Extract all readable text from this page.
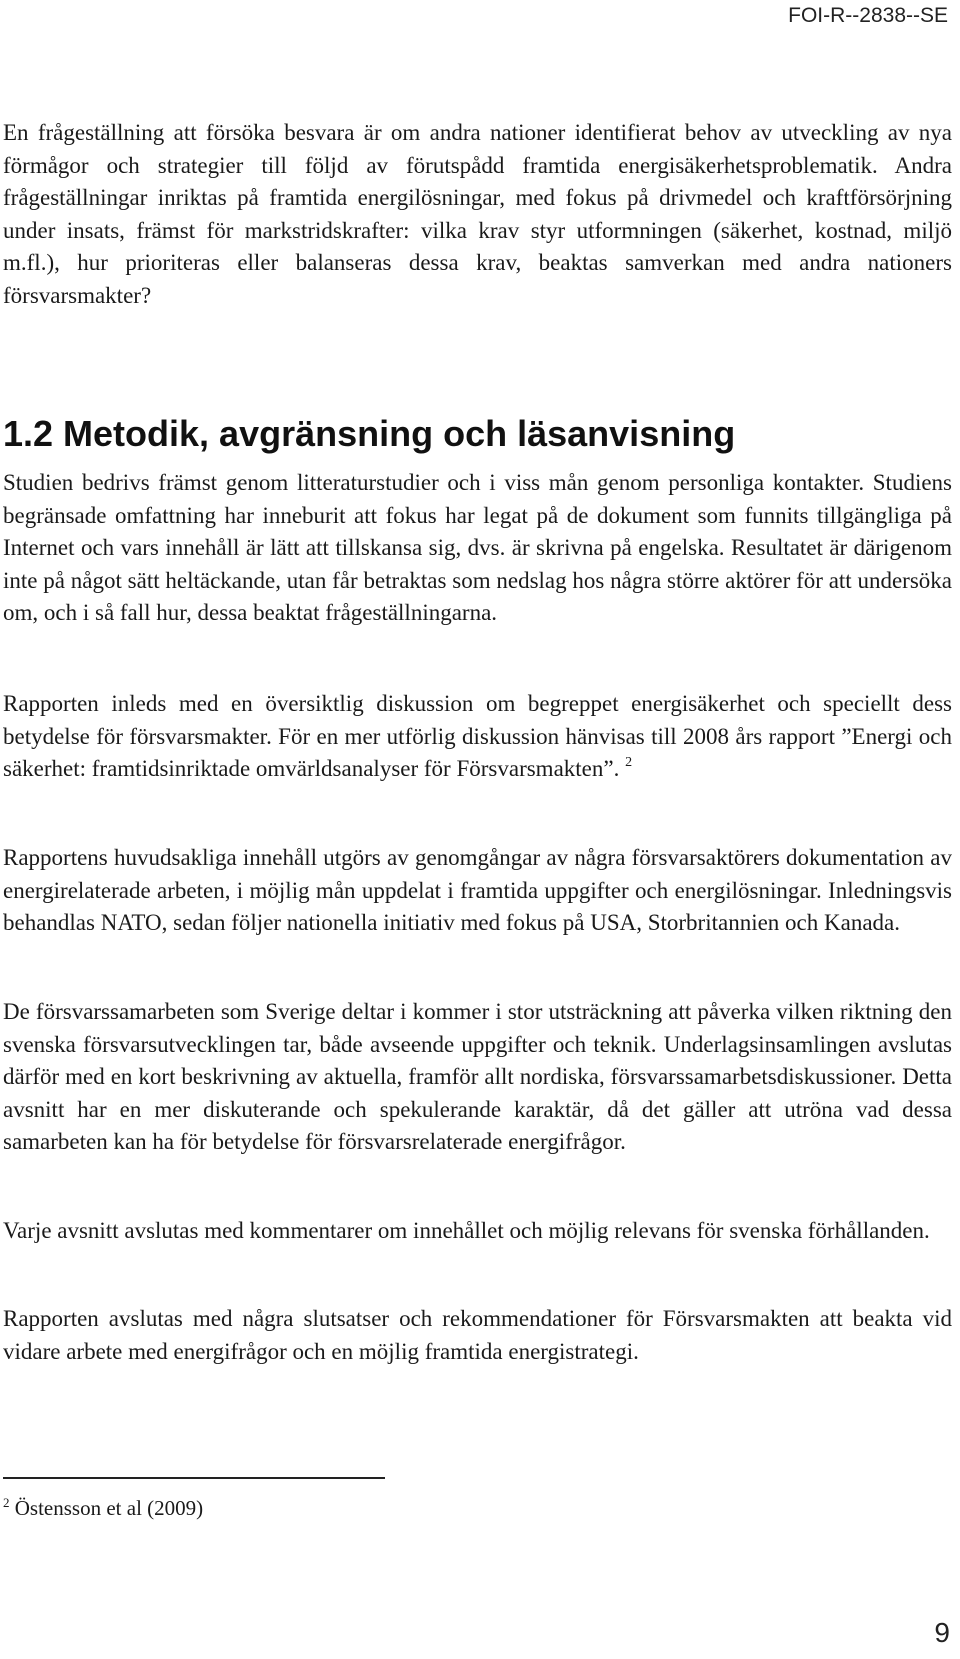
FOI-R--2838--SE

En frågeställning att försöka besvara är om andra nationer identifierat behov av utveckling av nya förmågor och strategier till följd av förutspådd framtida energisäkerhetsproblematik. Andra frågeställningar inriktas på framtida energilösningar, med fokus på drivmedel och kraftförsörjning under insats, främst för markstridskrafter: vilka krav styr utformningen (säkerhet, kostnad, miljö m.fl.), hur prioriteras eller balanseras dessa krav, beaktas samverkan med andra nationers försvarsmakter?

1.2 Metodik, avgränsning och läsanvisning

Studien bedrivs främst genom litteraturstudier och i viss mån genom personliga kontakter. Studiens begränsade omfattning har inneburit att fokus har legat på de dokument som funnits tillgängliga på Internet och vars innehåll är lätt att tillskansa sig, dvs. är skrivna på engelska. Resultatet är därigenom inte på något sätt heltäckande, utan får betraktas som nedslag hos några större aktörer för att undersöka om, och i så fall hur, dessa beaktat frågeställningarna.

Rapporten inleds med en översiktlig diskussion om begreppet energisäkerhet och speciellt dess betydelse för försvarsmakter. För en mer utförlig diskussion hänvisas till 2008 års rapport ”Energi och säkerhet: framtidsinriktade omvärldsanalyser för Försvarsmakten”. $^2$

Rapportens huvudsakliga innehåll utgörs av genomgångar av några försvarsaktörers dokumentation av energirelaterade arbeten, i möjlig mån uppdelat i framtida uppgifter och energilösningar. Inledningsvis behandlas NATO, sedan följer nationella initiativ med fokus på USA, Storbritannien och Kanada.

De försvarssamarbeten som Sverige deltar i kommer i stor utsträckning att påverka vilken riktning den svenska försvarsutvecklingen tar, både avseende uppgifter och teknik. Underlagsinsamlingen avslutas därför med en kort beskrivning av aktuella, framför allt nordiska, försvarssamarbetsdiskussioner. Detta avsnitt har en mer diskuterande och spekulerande karaktär, då det gäller att utröna vad dessa samarbeten kan ha för betydelse för försvarsrelaterade energifrågor.

Varje avsnitt avslutas med kommentarer om innehållet och möjlig relevans för svenska förhållanden.

Rapporten avslutas med några slutsatser och rekommendationer för Försvarsmakten att beakta vid vidare arbete med energifrågor och en möjlig framtida energistrategi.

$^2$ Östensson et al (2009)

9
